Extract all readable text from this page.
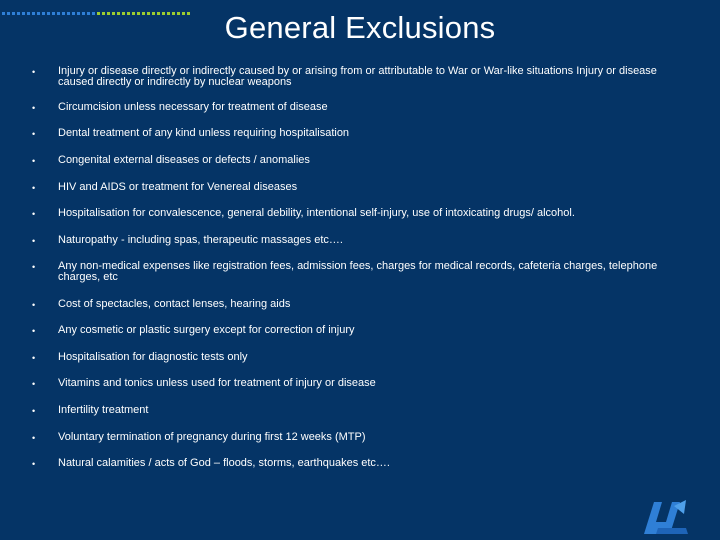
General Exclusions
•	Injury or disease directly or indirectly caused by or arising from or attributable to War or War-like situations Injury or disease caused directly or indirectly by nuclear weapons
•	Circumcision unless necessary for treatment of disease
•	Dental treatment of any kind unless requiring hospitalisation
•	Congenital external diseases or defects / anomalies
•	HIV and AIDS or treatment for Venereal diseases
•	Hospitalisation for convalescence, general debility, intentional self-injury, use of intoxicating drugs/ alcohol.
•	Naturopathy - including spas, therapeutic massages etc….
•	Any non-medical expenses like registration fees, admission fees, charges for medical records, cafeteria charges, telephone charges, etc
•	Cost of spectacles, contact lenses, hearing aids
•	Any cosmetic or plastic surgery except for correction of injury
•	Hospitalisation for diagnostic tests only
•	Vitamins and tonics unless used for treatment of injury or disease
•	Infertility treatment
•	Voluntary termination of pregnancy during first 12 weeks (MTP)
•	Natural calamities / acts of God – floods, storms, earthquakes etc….
